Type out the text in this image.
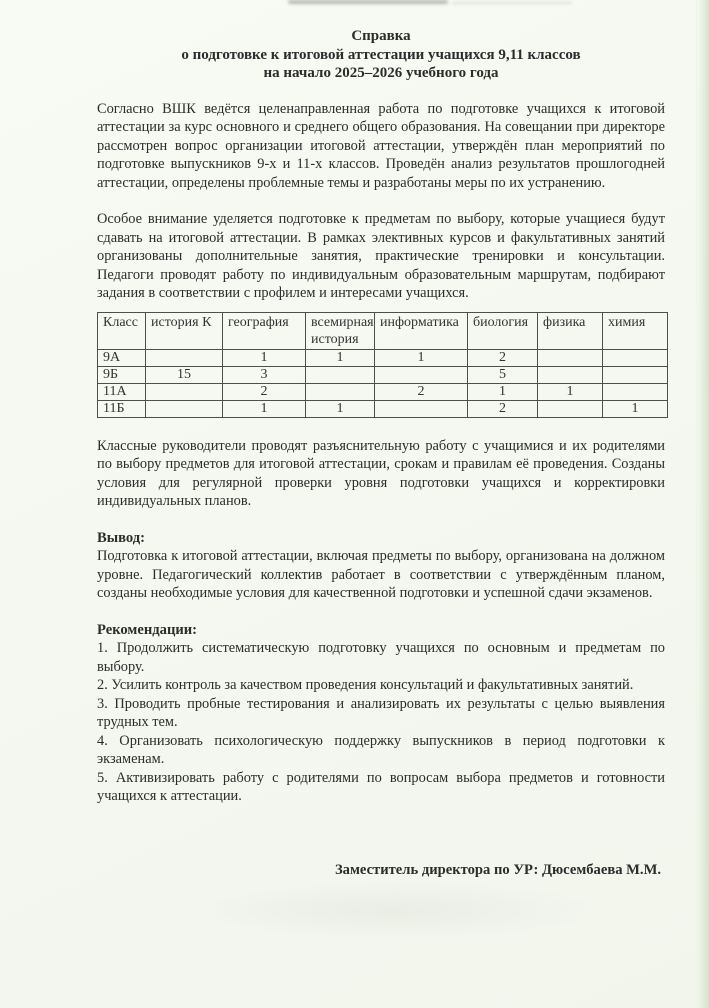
Справка
о подготовке к итоговой аттестации учащихся 9,11 классов
на начало 2025–2026 учебного года

Согласно ВШК ведётся целенаправленная работа по подготовке учащихся к итоговой аттестации за курс основного и среднего общего образования. На совещании при директоре рассмотрен вопрос организации итоговой аттестации, утверждён план мероприятий по подготовке выпускников 9-х и 11-х классов. Проведён анализ результатов прошлогодней аттестации, определены проблемные темы и разработаны меры по их устранению.

Особое внимание уделяется подготовке к предметам по выбору, которые учащиеся будут сдавать на итоговой аттестации. В рамках элективных курсов и факультативных занятий организованы дополнительные занятия, практические тренировки и консультации. Педагоги проводят работу по индивидуальным образовательным маршрутам, подбирают задания в соответствии с профилем и интересами учащихся.

Класс	история К	география	всемирная история	информатика	биология	физика	химия
9А		1	1	1	2		
9Б	15	3			5		
11А		2		2	1	1	
11Б		1	1		2		1

Классные руководители проводят разъяснительную работу с учащимися и их родителями по выбору предметов для итоговой аттестации, срокам и правилам её проведения. Созданы условия для регулярной проверки уровня подготовки учащихся и корректировки индивидуальных планов.

Вывод:
Подготовка к итоговой аттестации, включая предметы по выбору, организована на должном уровне. Педагогический коллектив работает в соответствии с утверждённым планом, созданы необходимые условия для качественной подготовки и успешной сдачи экзаменов.
Рекомендации:
1. Продолжить систематическую подготовку учащихся по основным и предметам по выбору.
2. Усилить контроль за качеством проведения консультаций и факультативных занятий.
3. Проводить пробные тестирования и анализировать их результаты с целью выявления трудных тем.
4. Организовать психологическую поддержку выпускников в период подготовки к экзаменам.
5. Активизировать работу с родителями по вопросам выбора предметов и готовности учащихся к аттестации.
Заместитель директора по УР: Дюсембаева М.М.
